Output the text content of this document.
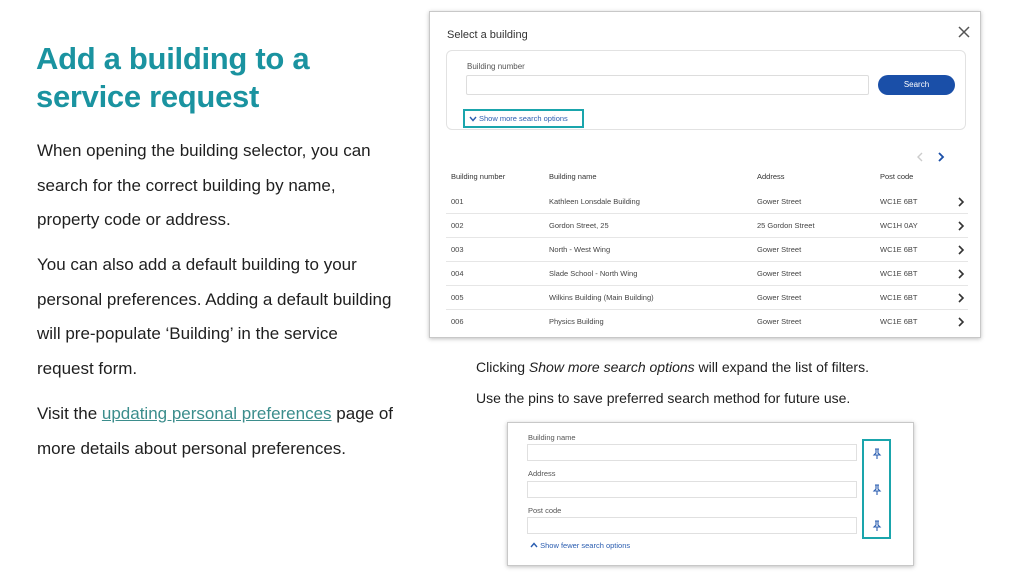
Add a building to a service request
When opening the building selector, you can search for the correct building by name, property code or address.
You can also add a default building to your personal preferences. Adding a default building will pre-populate ‘Building’ in the service request form.
Visit the updating personal preferences page of more details about personal preferences.
Select a building
Building number
Search
Show more search options
Building number	Building name	Address	Post code
001	Kathleen Lonsdale Building	Gower Street	WC1E 6BT
002	Gordon Street, 25	25 Gordon Street	WC1H 0AY
003	North - West Wing	Gower Street	WC1E 6BT
004	Slade School - North Wing	Gower Street	WC1E 6BT
005	Wilkins Building (Main Building)	Gower Street	WC1E 6BT
006	Physics Building	Gower Street	WC1E 6BT
Clicking Show more search options will expand the list of filters.
Use the pins to save preferred search method for future use.
Building name
Address
Post code
Show fewer search options
